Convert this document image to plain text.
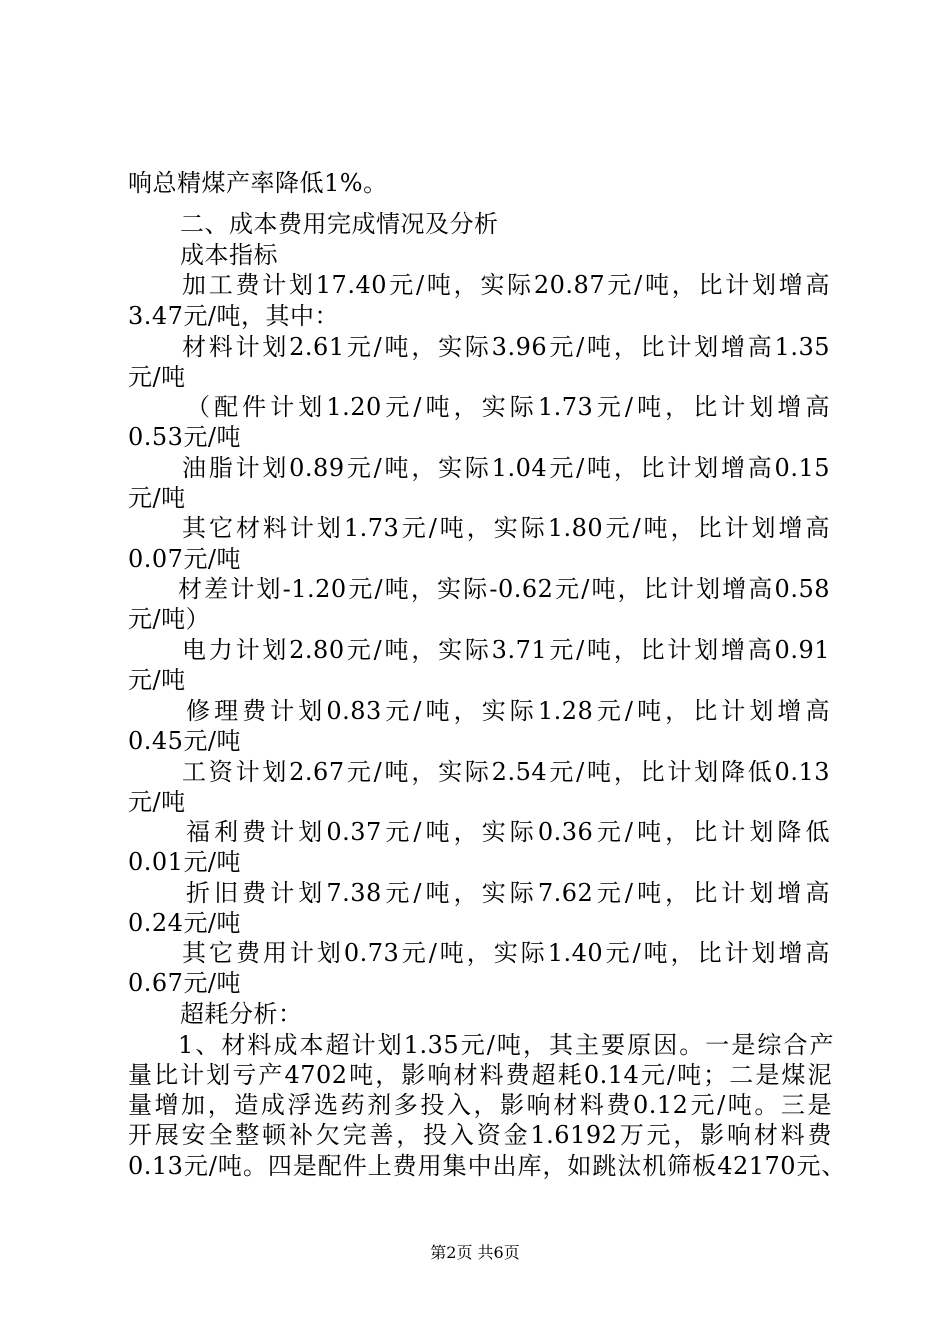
响总精煤产率降低1%。
二、成本费用完成情况及分析
成本指标
加工费计划17.40元/吨，实际20.87元/吨，比计划增高
3.47元/吨，其中：
材料计划2.61元/吨，实际3.96元/吨，比计划增高1.35
元/吨
（配件计划1.20元/吨，实际1.73元/吨，比计划增高
0.53元/吨
油脂计划0.89元/吨，实际1.04元/吨，比计划增高0.15
元/吨
其它材料计划1.73元/吨，实际1.80元/吨，比计划增高
0.07元/吨
材差计划-1.20元/吨，实际-0.62元/吨，比计划增高0.58
元/吨）
电力计划2.80元/吨，实际3.71元/吨，比计划增高0.91
元/吨
修理费计划0.83元/吨，实际1.28元/吨，比计划增高
0.45元/吨
工资计划2.67元/吨，实际2.54元/吨，比计划降低0.13
元/吨
福利费计划0.37元/吨，实际0.36元/吨，比计划降低
0.01元/吨
折旧费计划7.38元/吨，实际7.62元/吨，比计划增高
0.24元/吨
其它费用计划0.73元/吨，实际1.40元/吨，比计划增高
0.67元/吨
超耗分析：
1、材料成本超计划1.35元/吨，其主要原因。一是综合产
量比计划亏产4702吨，影响材料费超耗0.14元/吨；二是煤泥
量增加，造成浮选药剂多投入，影响材料费0.12元/吨。三是
开展安全整顿补欠完善，投入资金1.6192万元，影响材料费
0.13元/吨。四是配件上费用集中出库，如跳汰机筛板42170元、
第2页 共6页
